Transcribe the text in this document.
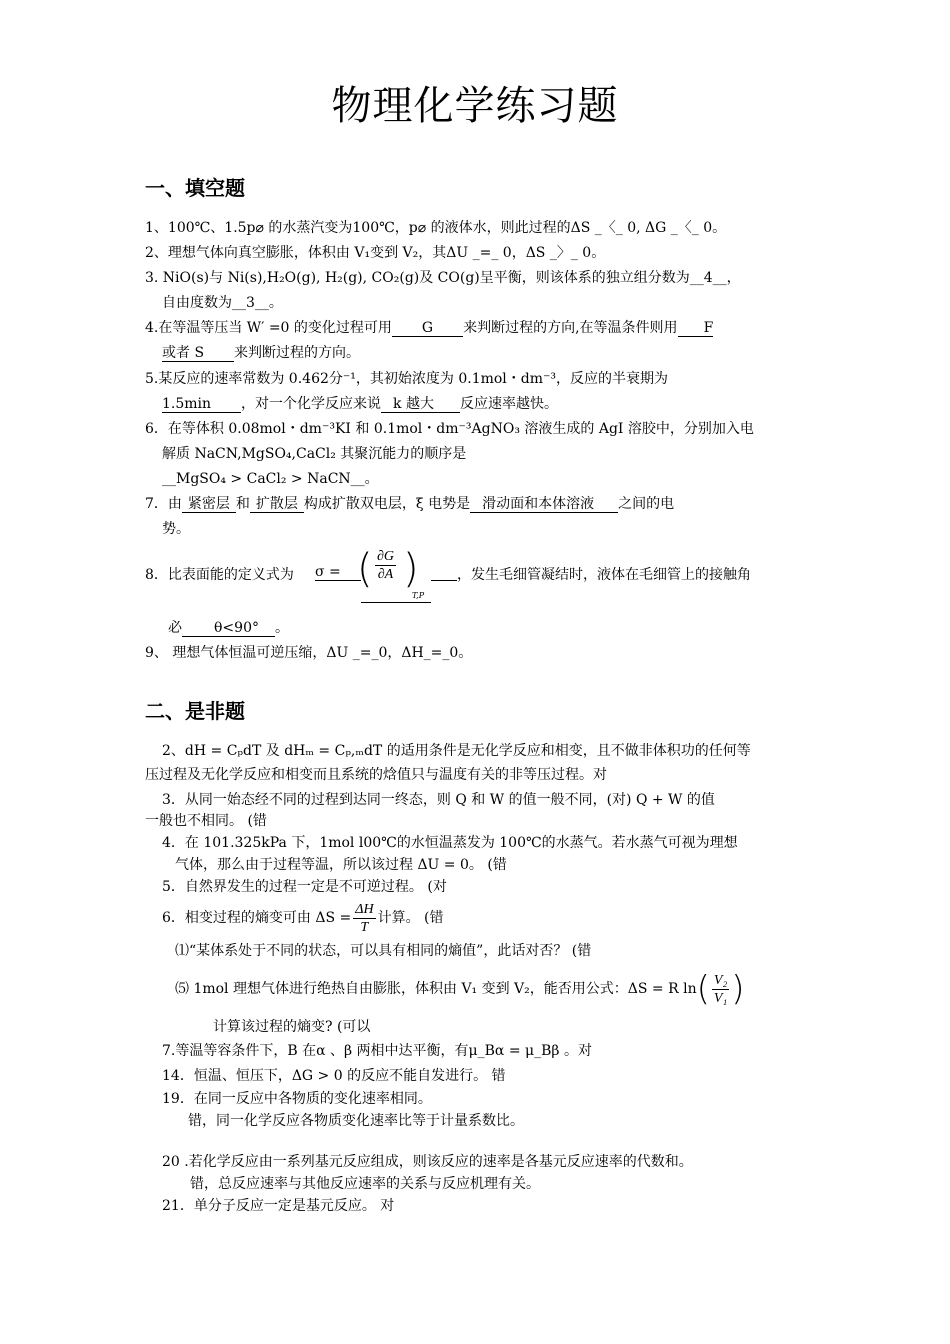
物理化学练习题
一、填空题
1、100℃、1.5p⌀ 的水蒸汽变为100℃，p⌀ 的液体水，则此过程的ΔS _〈_ 0, ΔG _〈_ 0。
2、理想气体向真空膨胀，体积由 V₁变到 V₂，其ΔU _=_ 0，ΔS _〉_ 0。
3. NiO(s)与 Ni(s),H₂O(g), H₂(g), CO₂(g)及 CO(g)呈平衡，则该体系的独立组分数为__4__，
自由度数为__3__。
4.在等温等压当 W′ =0 的变化过程可用 G 来判断过程的方向,在等温条件则用 F
或者 S 来判断过程的方向。
5.某反应的速率常数为 0.462分⁻¹，其初始浓度为 0.1mol・dm⁻³，反应的半衰期为
1.5min ，对一个化学反应来说 k 越大 反应速率越快。
6．在等体积 0.08mol・dm⁻³KI 和 0.1mol・dm⁻³AgNO₃ 溶液生成的 AgI 溶胶中，分别加入电
解质 NaCN,MgSO₄,CaCl₂ 其聚沉能力的顺序是
__MgSO₄ > CaCl₂ > NaCN__。
7．由 紧密层 和 扩散层 构成扩散双电层，ξ 电势是 滑动面和本体溶液 之间的电
势。
8．比表面能的定义式为 σ = ( $\frac{\partial G}{\partial A}$ )
T,P
，发生毛细管凝结时，液体在毛细管上的接触角
必 θ<90° 。
9、 理想气体恒温可逆压缩，ΔU _=_0，ΔH_=_0。
二、是非题
2、dH = CₚdT 及 dHₘ = Cₚ,ₘdT 的适用条件是无化学反应和相变，且不做非体积功的任何等
压过程及无化学反应和相变而且系统的焓值只与温度有关的非等压过程。对
3．从同一始态经不同的过程到达同一终态，则 Q 和 W 的值一般不同，(对) Q + W 的值
一般也不相同。 (错
4．在 101.325kPa 下，1mol l00℃的水恒温蒸发为 100℃的水蒸气。若水蒸气可视为理想
气体，那么由于过程等温，所以该过程 ΔU = 0。 (错
5．自然界发生的过程一定是不可逆过程。 (对
6．相变过程的熵变可由 $\Delta S = \frac{\Delta H}{T}$ 计算。 (错
⑴“某体系处于不同的状态，可以具有相同的熵值”，此话对否？ (错
⑸ 1mol 理想气体进行绝热自由膨胀，体积由 V₁ 变到 V₂，能否用公式：ΔS = R $\ln( \frac{\text{V₂}}{\text{V₁}}$ )
计算该过程的熵变? (可以
7.等温等容条件下，B 在α 、β 两相中达平衡，有μ_Bα = μ_Bβ 。对
14．恒温、恒压下，ΔG > 0 的反应不能自发进行。 错
19．在同一反应中各物质的变化速率相同。
错，同一化学反应各物质变化速率比等于计量系数比。
20 .若化学反应由一系列基元反应组成，则该反应的速率是各基元反应速率的代数和。
错，总反应速率与其他反应速率的关系与反应机理有关。
21．单分子反应一定是基元反应。 对
